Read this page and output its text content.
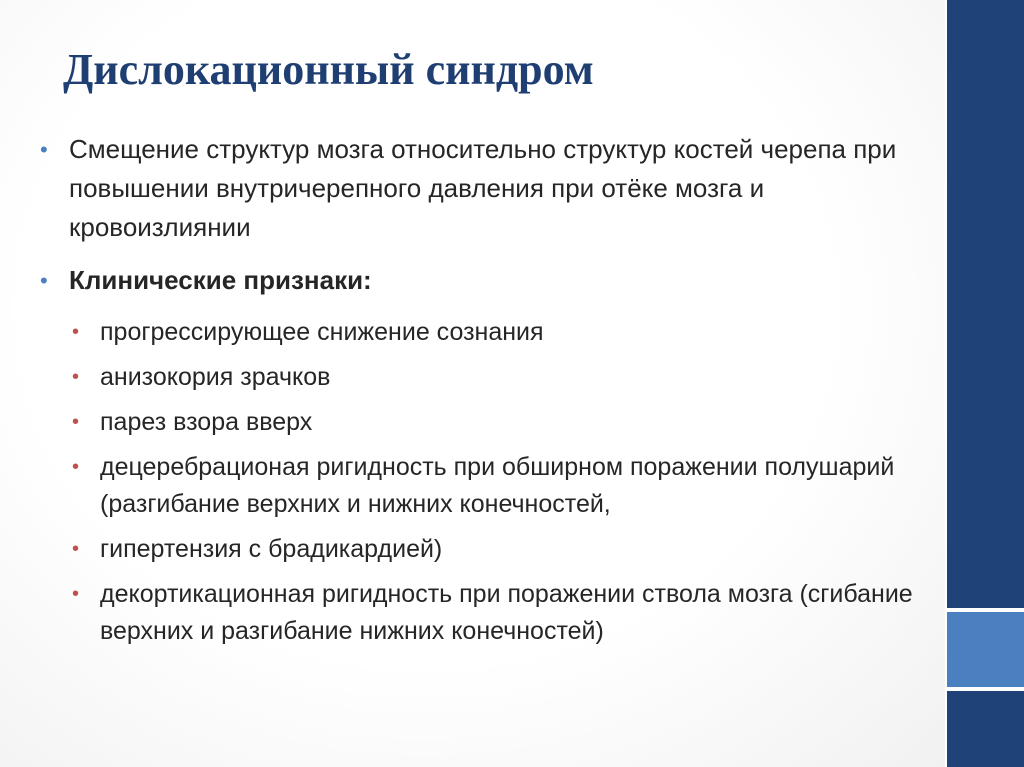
Дислокационный синдром
• Смещение структур мозга относительно структур костей черепа при повышении внутричерепного давления при отёке мозга и кровоизлиянии
• Клинические признаки:
• прогрессирующее снижение сознания
• анизокория зрачков
• парез взора вверх
• децеребрационая ригидность при обширном поражении полушарий (разгибание верхних и нижних конечностей,
• гипертензия с брадикардией)
• декортикационная ригидность при поражении ствола мозга (сгибание верхних и разгибание нижних конечностей)
